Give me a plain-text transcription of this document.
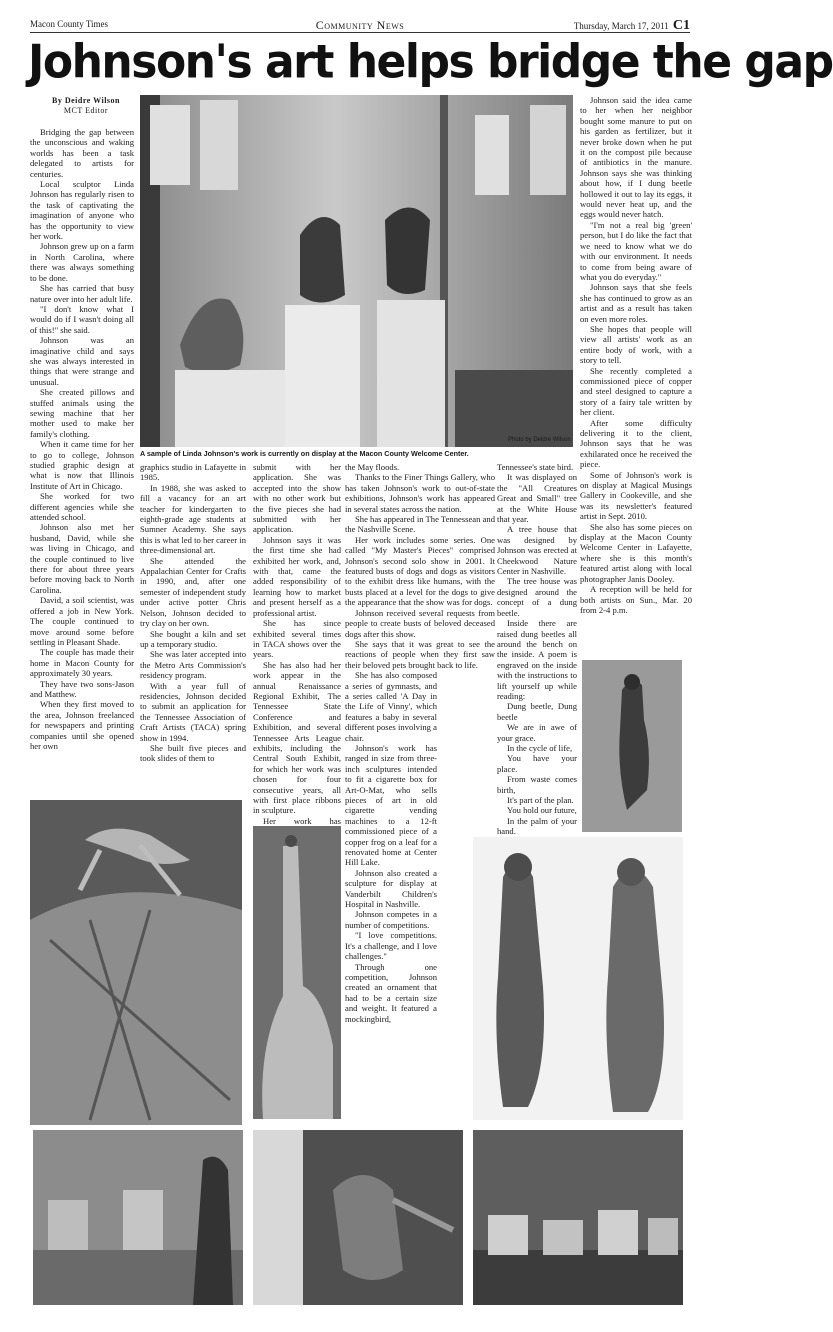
Macon County Times	Community News	Thursday, March 17, 2011 C1
Johnson's art helps bridge the gap
By Deidre Wilson
MCT Editor
Photo by Deidre Wilson
A sample of Linda Johnson's work is currently on display at the Macon County Welcome Center.

Bridging the gap between the unconscious and waking worlds has been a task delegated to artists for centuries.

Local sculptor Linda Johnson has regularly risen to the task of captivating the imagination of anyone who has the opportunity to view her work.

Johnson grew up on a farm in North Carolina, where there was always something to be done.

She has carried that busy nature over into her adult life.

"I don't know what I would do if I wasn't doing all of this!" she said.

Johnson was an imaginative child and says she was always interested in things that were strange and unusual.

She created pillows and stuffed animals using the sewing machine that her mother used to make her family's clothing.

When it came time for her to go to college, Johnson studied graphic design at what is now that Illinois Institute of Art in Chicago.

She worked for two different agencies while she attended school.

Johnson also met her husband, David, while she was living in Chicago, and the couple continued to live there for about three years before moving back to North Carolina.

David, a soil scientist, was offered a job in New York. The couple continued to move around some before settling in Pleasant Shade.

The couple has made their home in Macon County for approximately 30 years.

They have two sons-Jason and Matthew.

When they first moved to the area, Johnson freelanced for newspapers and printing companies until she opened her own

graphics studio in Lafayette in 1985.

In 1988, she was asked to fill a vacancy for an art teacher for kindergarten to eighth-grade age students at Sumner Academy. She says this is what led to her career in three-dimensional art.

She attended the Appalachian Center for Crafts in 1990, and, after one semester of independent study under active potter Chris Nelson, Johnson decided to try clay on her own.

She bought a kiln and set up a temporary studio.

She was later accepted into the Metro Arts Commission's residency program.

With a year full of residencies, Johnson decided to submit an application for the Tennessee Association of Craft Artists (TACA) spring show in 1994.

She built five pieces and took slides of them to

submit with her application. She was accepted into the show with no other work but the five pieces she had submitted with her application.

Johnson says it was the first time she had exhibited her work, and, with that, came the added responsibility of learning how to market and present herself as a professional artist.

She has since exhibited several times in TACA shows over the years.

She has also had her work appear in the annual Renaissance Regional Exhibit, The Tennessee State Conference and Exhibition, and several Tennessee Arts League exhibits, including the Central South Exhibit, for which her work was chosen for four consecutive years, all with first place ribbons in sculpture.

Her work has

the May floods.

Thanks to the Finer Things Gallery, who has taken Johnson's work to out-of-state exhibitions, Johnson's work has appeared in several states across the nation.

She has appeared in The Tennessean and the Nashville Scene.

Her work includes some series. One called "My Master's Pieces" comprised Johnson's second solo show in 2001. It featured busts of dogs and dogs as visitors to the exhibit dress like humans, with the busts placed at a level for the dogs to give the appearance that the show was for dogs.

Johnson received several requests from people to create busts of beloved deceased dogs after this show.

She says that it was great to see the reactions of people when they first saw their beloved pets brought back to life.

She has also composed a series of gymnasts, and a series called 'A Day in the Life of Vinny', which features a baby in several different poses involving a chair.

Johnson's work has ranged in size from three-inch sculptures intended to fit a cigarette box for Art-O-Mat, who sells pieces of art in old cigarette vending machines to a 12-ft commissioned piece of a copper frog on a leaf for a renovated home at Center Hill Lake.

Johnson also created a sculpture for display at Vanderbilt Children's Hospital in Nashville.

Johnson competes in a number of competitions.

"I love competitions. It's a challenge, and I love challenges."

Through one competition, Johnson created an ornament that had to be a certain size and weight. It featured a mockingbird,

Tennessee's state bird.

It was displayed on the "All Creatures Great and Small" tree at the White House that year.

A tree house that was designed by Johnson was erected at Cheekwood Nature Center in Nashville.

The tree house was designed around the concept of a dung beetle.

Inside there are raised dung beetles all around the bench on the inside. A poem is engraved on the inside with the instructions to lift yourself up while reading:

Dung beetle, Dung beetle

We are in awe of your grace.

In the cycle of life,

You have your place.

From waste comes birth,

It's part of the plan.

You hold our future,

In the palm of your hand.

Johnson said the idea came to her when her neighbor bought some manure to put on his garden as fertilizer, but it never broke down when he put it on the compost pile because of antibiotics in the manure. Johnson says she was thinking about how, if I dung beetle hollowed it out to lay its eggs, it would never heat up, and the eggs would never hatch.

"I'm not a real big 'green' person, but I do like the fact that we need to know what we do with our environment. It needs to come from being aware of what you do everyday."

Johnson says that she feels she has continued to grow as an artist and as a result has taken on even more roles.

She hopes that people will view all artists' work as an entire body of work, with a story to tell.

She recently completed a commissioned piece of copper and steel designed to capture a story of a fairy tale written by her client.

After some difficulty delivering it to the client, Johnson says that he was exhilarated once he received the piece.

Some of Johnson's work is on display at Magical Musings Gallery in Cookeville, and she was its newsletter's featured artist in Sept. 2010.

She also has some pieces on display at the Macon County Welcome Center in Lafayette, where she is this month's featured artist along with local photographer Janis Dooley.

A reception will be held for both artists on Sun., Mar. 20 from 2-4 p.m.
